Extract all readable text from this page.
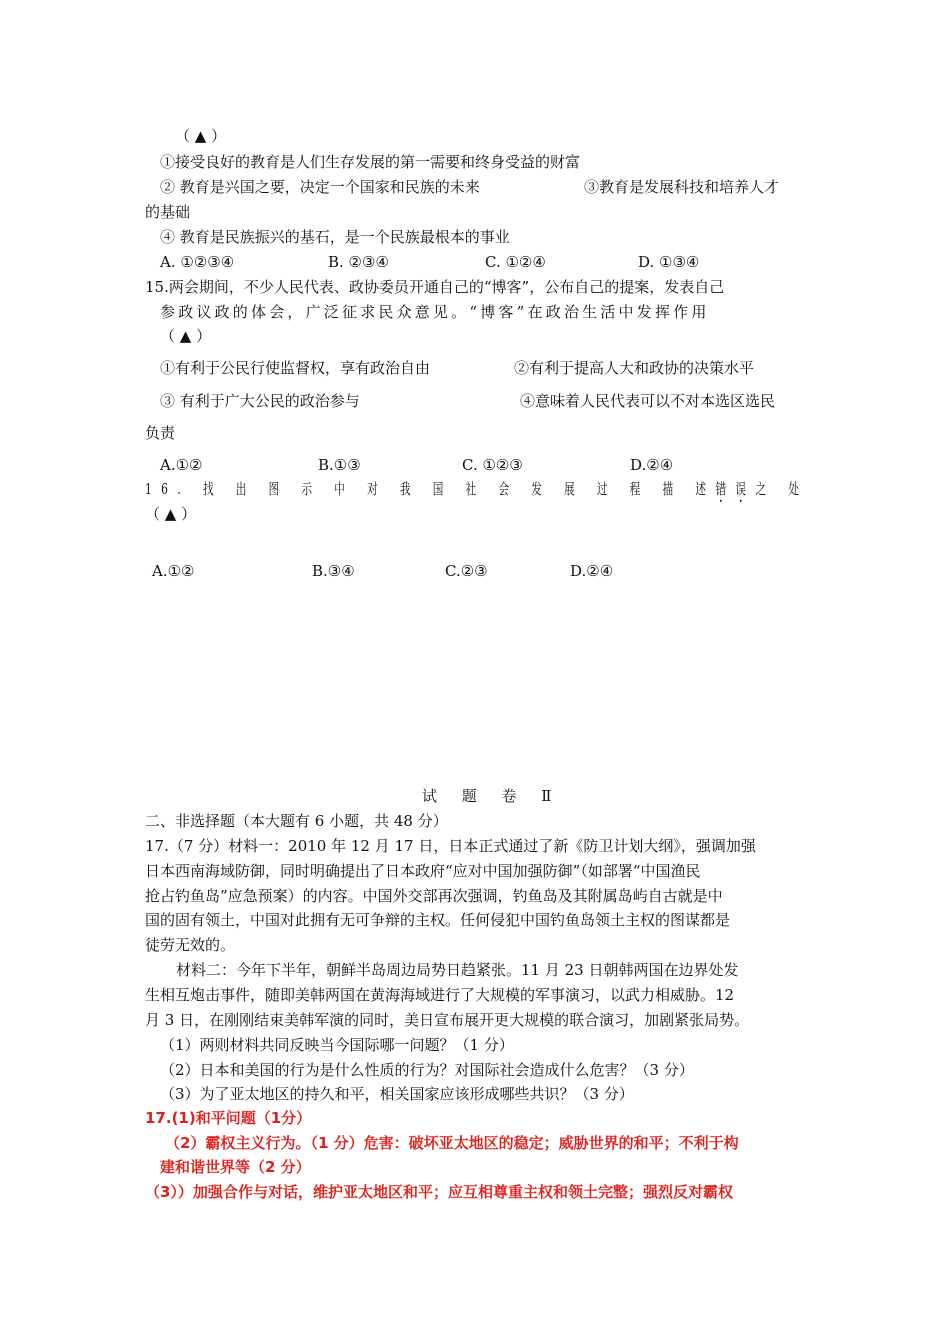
（ ▲ ）
①接受良好的教育是人们生存发展的第一需要和终身受益的财富
② 教育是兴国之要，决定一个国家和民族的未来	③教育是发展科技和培养人才
的基础
④ 教育是民族振兴的基石，是一个民族最根本的事业
A. ①②③④	B. ②③④	C. ①②④	D. ①③④
15.两会期间，不少人民代表、政协委员开通自己的“博客”，公布自己的提案，发表自己
参政议政的体会，广泛征求民众意见。“博客”在政治生活中发挥作用
（ ▲ ）
①有利于公民行使监督权，享有政治自由	②有利于提高人大和政协的决策水平
③ 有利于广大公民的政治参与	④意味着人民代表可以不对本选区选民
负责
A.①②	B.①③	C. ①②③	D.②④
16. 找 出 图 示 中 对 我 国 社 会 发 展 过 程 描 述错误之 处
（ ▲ ）
A.①②	B.③④	C.②③	D.②④
试 题 卷 Ⅱ
二、非选择题（本大题有 6 小题，共 48 分）
17.（7 分）材料一：2010 年 12 月 17 日，日本正式通过了新《防卫计划大纲》，强调加强
日本西南海域防御，同时明确提出了日本政府“应对中国加强防御”（如部署“中国渔民
抢占钓鱼岛”应急预案）的内容。中国外交部再次强调，钓鱼岛及其附属岛屿自古就是中
国的固有领土，中国对此拥有无可争辩的主权。任何侵犯中国钓鱼岛领土主权的图谋都是
徒劳无效的。
材料二：今年下半年，朝鲜半岛周边局势日趋紧张。11 月 23 日朝韩两国在边界处发
生相互炮击事件，随即美韩两国在黄海海域进行了大规模的军事演习，以武力相威胁。12
月 3 日，在刚刚结束美韩军演的同时，美日宣布展开更大规模的联合演习，加剧紧张局势。
（1）两则材料共同反映当今国际哪一问题？（1 分）
（2）日本和美国的行为是什么性质的行为？对国际社会造成什么危害？（3 分）
（3）为了亚太地区的持久和平，相关国家应该形成哪些共识？（3 分）
17.(1)和平问题（1分）
（2）霸权主义行为。（1 分）危害：破坏亚太地区的稳定；威胁世界的和平；不利于构
建和谐世界等（2 分）
（3））加强合作与对话，维护亚太地区和平；应互相尊重主权和领土完整；强烈反对霸权
